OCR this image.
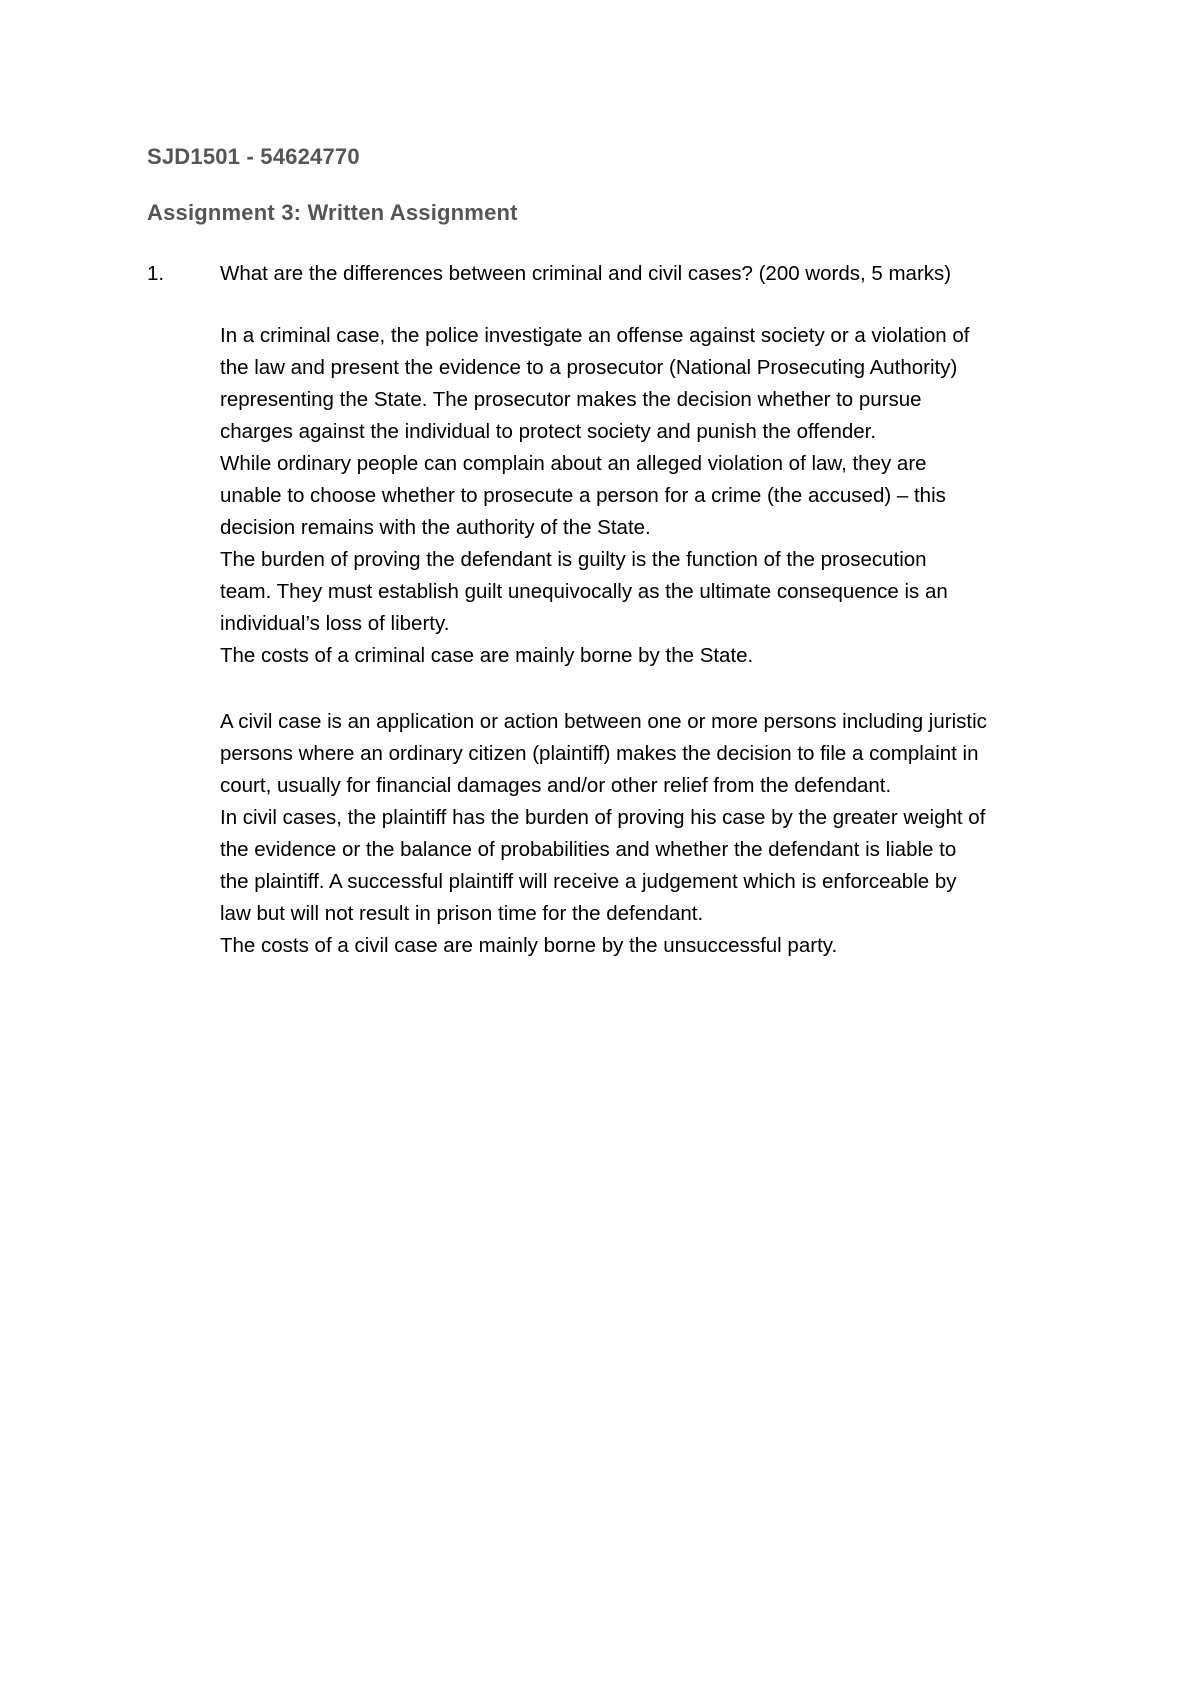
SJD1501 - 54624770
Assignment 3: Written Assignment
1.	What are the differences between criminal and civil cases? (200 words, 5 marks)

In a criminal case, the police investigate an offense against society or a violation of

the law and present the evidence to a prosecutor (National Prosecuting Authority)

representing the State. The prosecutor makes the decision whether to pursue

charges against the individual to protect society and punish the offender.

While ordinary people can complain about an alleged violation of law, they are

unable to choose whether to prosecute a person for a crime (the accused) – this

decision remains with the authority of the State.

The burden of proving the defendant is guilty is the function of the prosecution

team. They must establish guilt unequivocally as the ultimate consequence is an

individual’s loss of liberty.

The costs of a criminal case are mainly borne by the State.

A civil case is an application or action between one or more persons including juristic

persons where an ordinary citizen (plaintiff) makes the decision to file a complaint in

court, usually for financial damages and/or other relief from the defendant.

In civil cases, the plaintiff has the burden of proving his case by the greater weight of

the evidence or the balance of probabilities and whether the defendant is liable to

the plaintiff. A successful plaintiff will receive a judgement which is enforceable by

law but will not result in prison time for the defendant.

The costs of a civil case are mainly borne by the unsuccessful party.
